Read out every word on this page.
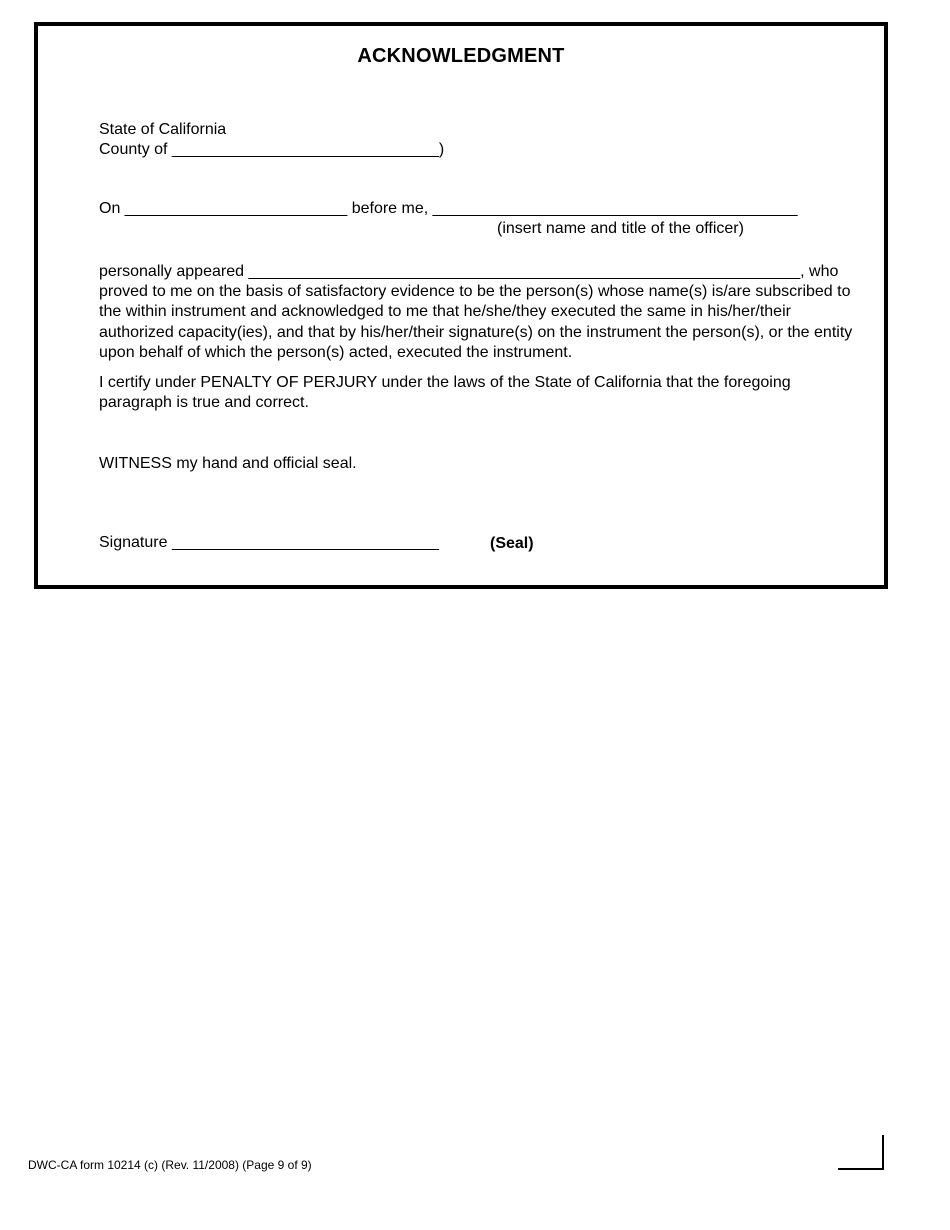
ACKNOWLEDGMENT
State of California
County of ______________________________)
On _________________________ before me, _________________________________________
(insert name and title of the officer)
personally appeared ______________________________________________________________, who proved to me on the basis of satisfactory evidence to be the person(s) whose name(s) is/are subscribed to the within instrument and acknowledged to me that he/she/they executed the same in his/her/their authorized capacity(ies), and that by his/her/their signature(s) on the instrument the person(s), or the entity upon behalf of which the person(s) acted, executed the instrument.
I certify under PENALTY OF PERJURY under the laws of the State of California that the foregoing paragraph is true and correct.
WITNESS my hand and official seal.
Signature ______________________________	(Seal)
DWC-CA form 10214 (c) (Rev. 11/2008) (Page 9 of 9)
